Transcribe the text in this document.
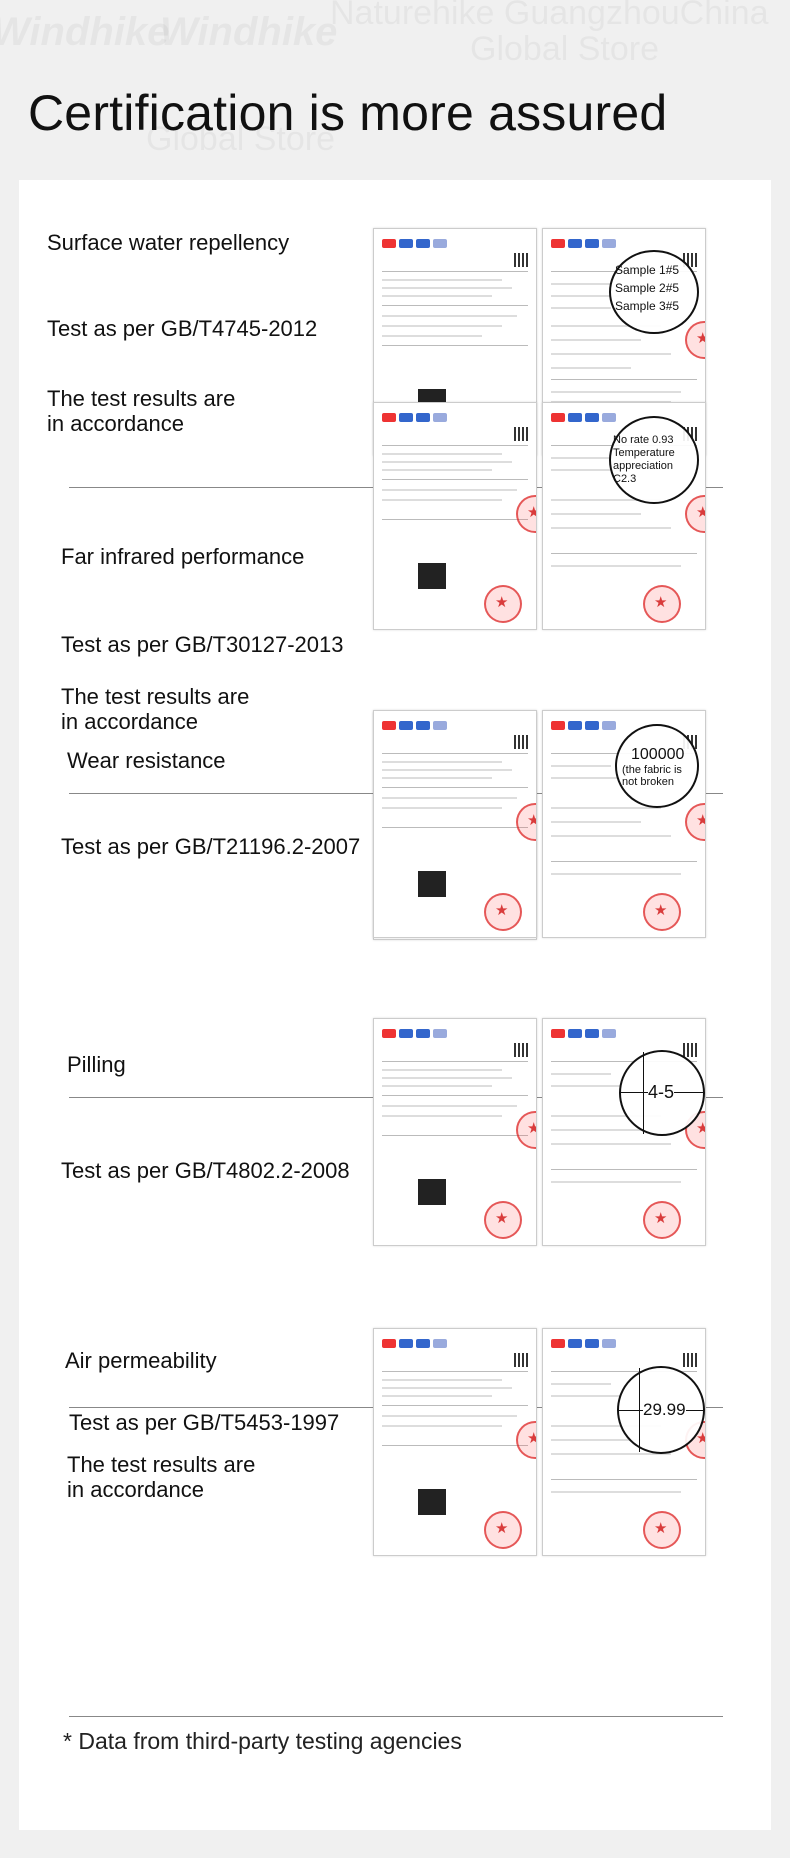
Certification is more assured
Surface water repellency
Test as per GB/T4745-2012
The test results are
in accordance
★
★
★
Sample 1#5
Sample 2#5
Sample 3#5
Far infrared performance
Test as per GB/T30127-2013
The test results are
in accordance
★
★
★
★
No rate 0.93
Temperature
appreciation
C2.3
Wear resistance
Test as per GB/T21196.2-2007
★
★
★
★
100000
(the fabric is
not broken
Pilling
Test as per GB/T4802.2-2008
★
★
★
★
4-5
Air permeability
Test as per GB/T5453-1997
The test results are
in accordance
★
★
★
★
29.99
* Data from third-party testing agencies
